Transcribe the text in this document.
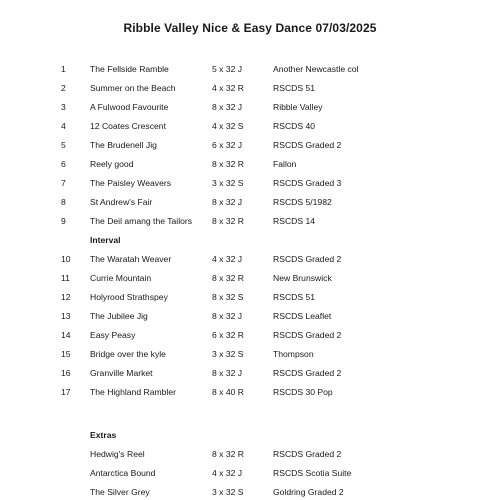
Ribble Valley Nice & Easy Dance 07/03/2025
1	The Fellside Ramble	5 x 32 J	Another Newcastle col
2	Summer on the Beach	4 x 32 R	RSCDS 51
3	A Fulwood Favourite	8 x 32 J	Ribble Valley
4	12 Coates Crescent	4 x 32 S	RSCDS 40
5	The Brudenell Jig	6 x 32 J	RSCDS Graded 2
6	Reely good	8 x 32 R	Fallon
7	The Paisley Weavers	3 x 32 S	RSCDS Graded 3
8	St Andrew's Fair	8 x 32 J	RSCDS 5/1982
9	The Deil amang the Tailors 8 x 32 R	RSCDS 14
Interval
10 The Waratah Weaver	4 x 32 J	RSCDS Graded 2
11 Currie Mountain	8 x 32 R	New Brunswick
12 Holyrood Strathspey	8 x 32 S	RSCDS 51
13 The Jubilee Jig	8 x 32 J	RSCDS Leaflet
14 Easy Peasy	6 x 32 R	RSCDS Graded 2
15 Bridge over the kyle	3 x 32 S	Thompson
16 Granville Market	8 x 32 J	RSCDS Graded 2
17 The Highland Rambler	8 x 40 R	RSCDS 30 Pop
Extras
Hedwig's Reel	8 x 32 R	RSCDS Graded 2
Antarctica Bound	4 x 32 J	RSCDS Scotia Suite
The Silver Grey	3 x 32 S	Goldring Graded 2
